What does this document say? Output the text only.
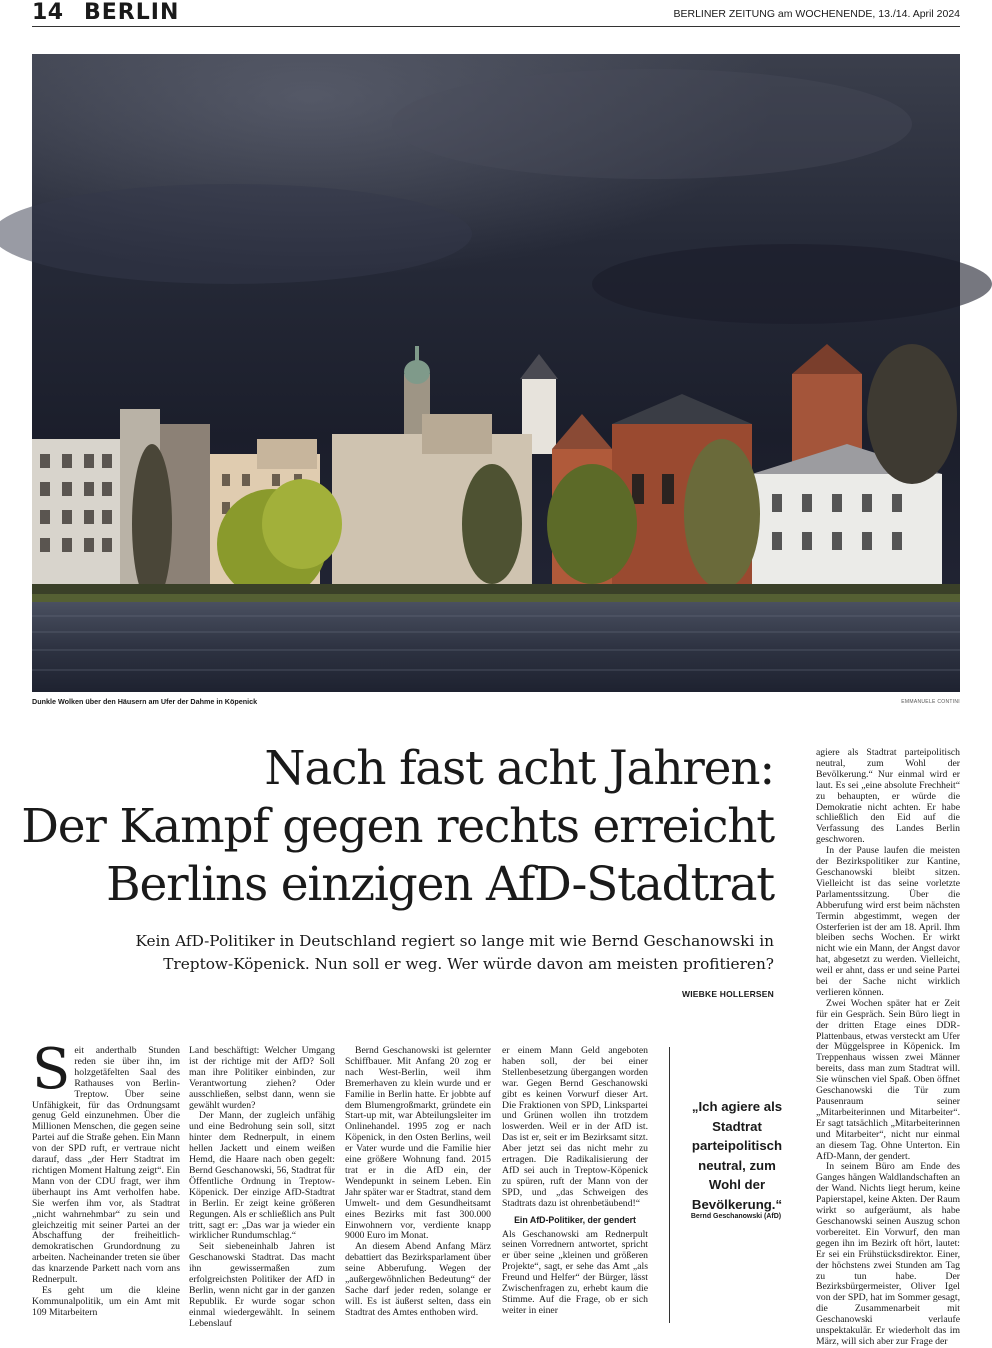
14 BERLIN	BERLINER ZEITUNG am WOCHENENDE, 13./14. April 2024
Dunkle Wolken über den Häusern am Ufer der Dahme in Köpenick	EMMANUELE CONTINI
Nach fast acht Jahren:
Der Kampf gegen rechts erreicht
Berlins einzigen AfD-Stadtrat
Kein AfD-Politiker in Deutschland regiert so lange mit wie Bernd Geschanowski in Treptow-Köpenick. Nun soll er weg. Wer würde davon am meisten profitieren?
WIEBKE HOLLERSEN
S eit anderthalb Stunden reden sie über ihn, im holzgetäfelten Saal des Rathauses von Berlin-Treptow. Über seine Unfähigkeit, für das Ordnungsamt genug Geld einzunehmen. Über die Millionen Menschen, die gegen seine Partei auf die Straße gehen. Ein Mann von der SPD ruft, er vertraue nicht darauf, dass „der Herr Stadtrat im richtigen Moment Haltung zeigt“. Ein Mann von der CDU fragt, wer ihm überhaupt ins Amt verholfen habe. Sie werfen ihm vor, als Stadtrat „nicht wahrnehmbar“ zu sein und gleichzeitig mit seiner Partei an der Abschaffung der freiheitlich-demokratischen Grundordnung zu arbeiten. Nacheinander treten sie über das knarzende Parkett nach vorn ans Rednerpult.

Es geht um die kleine Kommunalpolitik, um ein Amt mit 109 Mitarbeitern

Land beschäftigt: Welcher Umgang ist der richtige mit der AfD? Soll man ihre Politiker einbinden, zur Verantwortung ziehen? Oder ausschließen, selbst dann, wenn sie gewählt wurden?

Der Mann, der zugleich unfähig und eine Bedrohung sein soll, sitzt hinter dem Rednerpult, in einem hellen Jackett und einem weißen Hemd, die Haare nach oben gegelt: Bernd Geschanowski, 56, Stadtrat für Öffentliche Ordnung in Treptow-Köpenick. Der einzige AfD-Stadtrat in Berlin. Er zeigt keine größeren Regungen. Als er schließlich ans Pult tritt, sagt er: „Das war ja wieder ein wirklicher Rundumschlag.“

Seit siebeneinhalb Jahren ist Geschanowski Stadtrat. Das macht ihn gewissermaßen zum erfolgreichsten Politiker der AfD in Berlin, wenn nicht gar in der ganzen Republik. Er wurde sogar schon einmal wiedergewählt. In seinem Lebenslauf

Bernd Geschanowski ist gelernter Schiffbauer. Mit Anfang 20 zog er nach West-Berlin, weil ihm Bremerhaven zu klein wurde und er Familie in Berlin hatte. Er jobbte auf dem Blumengroßmarkt, gründete ein Start-up mit, war Abteilungsleiter im Onlinehandel. 1995 zog er nach Köpenick, in den Osten Berlins, weil er Vater wurde und die Familie hier eine größere Wohnung fand. 2015 trat er in die AfD ein, der Wendepunkt in seinem Leben. Ein Jahr später war er Stadtrat, stand dem Umwelt- und dem Gesundheitsamt eines Bezirks mit fast 300.000 Einwohnern vor, verdiente knapp 9000 Euro im Monat.

An diesem Abend Anfang März debattiert das Bezirksparlament über seine Abberufung. Wegen der „außergewöhnlichen Bedeutung“ der Sache darf jeder reden, solange er will. Es ist äußerst selten, dass ein Stadtrat des Amtes enthoben wird.

er einem Mann Geld angeboten haben soll, der bei einer Stellenbesetzung übergangen worden war. Gegen Bernd Geschanowski gibt es keinen Vorwurf dieser Art. Die Fraktionen von SPD, Linkspartei und Grünen wollen ihn trotzdem loswerden. Weil er in der AfD ist. Das ist er, seit er im Bezirksamt sitzt. Aber jetzt sei das nicht mehr zu ertragen. Die Radikalisierung der AfD sei auch in Treptow-Köpenick zu spüren, ruft der Mann von der SPD, und „das Schweigen des Stadtrats dazu ist ohrenbetäubend!“

Ein AfD-Politiker, der gendert

Als Geschanowski am Rednerpult seinen Vorrednern antwortet, spricht er über seine „kleinen und größeren Projekte“, sagt, er sehe das Amt „als Freund und Helfer“ der Bürger, lässt Zwischenfragen zu, erhebt kaum die Stimme. Auf die Frage, ob er sich weiter in einer

„Ich agiere als Stadtrat parteipolitisch neutral, zum Wohl der Bevölkerung.“
Bernd Geschanowski (AfD)

agiere als Stadtrat parteipolitisch neutral, zum Wohl der Bevölkerung.“ Nur einmal wird er laut. Es sei „eine absolute Frechheit“ zu behaupten, er würde die Demokratie nicht achten. Er habe schließlich den Eid auf die Verfassung des Landes Berlin geschworen.

In der Pause laufen die meisten der Bezirkspolitiker zur Kantine, Geschanowski bleibt sitzen. Vielleicht ist das seine vorletzte Parlamentssitzung. Über die Abberufung wird erst beim nächsten Termin abgestimmt, wegen der Osterferien ist der am 18. April. Ihm bleiben sechs Wochen. Er wirkt nicht wie ein Mann, der Angst davor hat, abgesetzt zu werden. Vielleicht, weil er ahnt, dass er und seine Partei bei der Sache nicht wirklich verlieren können.

Zwei Wochen später hat er Zeit für ein Gespräch. Sein Büro liegt in der dritten Etage eines DDR-Plattenbaus, etwas versteckt am Ufer der Müggelspree in Köpenick. Im Treppenhaus wissen zwei Männer bereits, dass man zum Stadtrat will. Sie wünschen viel Spaß. Oben öffnet Geschanowski die Tür zum Pausenraum seiner „Mitarbeiterinnen und Mitarbeiter“. Er sagt tatsächlich „Mitarbeiterinnen und Mitarbeiter“, nicht nur einmal an diesem Tag. Ohne Unterton. Ein AfD-Mann, der gendert.

In seinem Büro am Ende des Ganges hängen Waldlandschaften an der Wand. Nichts liegt herum, keine Papierstapel, keine Akten. Der Raum wirkt so aufgeräumt, als habe Geschanowski seinen Auszug schon vorbereitet. Ein Vorwurf, den man gegen ihn im Bezirk oft hört, lautet: Er sei ein Frühstücksdirektor. Einer, der höchstens zwei Stunden am Tag zu tun habe. Der Bezirksbürgermeister, Oliver Igel von der SPD, hat im Sommer gesagt, die Zusammenarbeit mit Geschanowski verlaufe unspektakulär. Er wiederholt das im März, will sich aber zur Frage der
